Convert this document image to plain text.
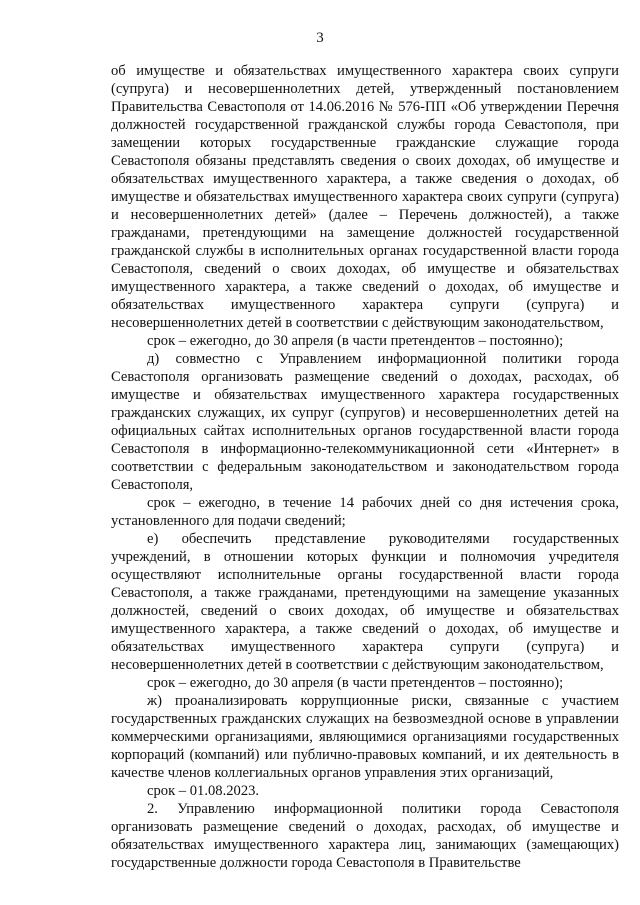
3

об имуществе и обязательствах имущественного характера своих супруги (супруга) и несовершеннолетних детей, утвержденный постановлением Правительства Севастополя от 14.06.2016 № 576-ПП «Об утверждении Перечня должностей государственной гражданской службы города Севастополя, при замещении которых государственные гражданские служащие города Севастополя обязаны представлять сведения о своих доходах, об имуществе и обязательствах имущественного характера, а также сведения о доходах, об имуществе и обязательствах имущественного характера своих супруги (супруга) и несовершеннолетних детей» (далее – Перечень должностей), а также гражданами, претендующими на замещение должностей государственной гражданской службы в исполнительных органах государственной власти города Севастополя, сведений о своих доходах, об имуществе и обязательствах имущественного характера, а также сведений о доходах, об имуществе и обязательствах имущественного характера супруги (супруга) и несовершеннолетних детей в соответствии с действующим законодательством,

срок – ежегодно, до 30 апреля (в части претендентов – постоянно);

д) совместно с Управлением информационной политики города Севастополя организовать размещение сведений о доходах, расходах, об имуществе и обязательствах имущественного характера государственных гражданских служащих, их супруг (супругов) и несовершеннолетних детей на официальных сайтах исполнительных органов государственной власти города Севастополя в информационно-телекоммуникационной сети «Интернет» в соответствии с федеральным законодательством и законодательством города Севастополя,

срок – ежегодно, в течение 14 рабочих дней со дня истечения срока, установленного для подачи сведений;

е) обеспечить представление руководителями государственных учреждений, в отношении которых функции и полномочия учредителя осуществляют исполнительные органы государственной власти города Севастополя, а также гражданами, претендующими на замещение указанных должностей, сведений о своих доходах, об имуществе и обязательствах имущественного характера, а также сведений о доходах, об имуществе и обязательствах имущественного характера супруги (супруга) и несовершеннолетних детей в соответствии с действующим законодательством,

срок – ежегодно, до 30 апреля (в части претендентов – постоянно);

ж) проанализировать коррупционные риски, связанные с участием государственных гражданских служащих на безвозмездной основе в управлении коммерческими организациями, являющимися организациями государственных корпораций (компаний) или публично-правовых компаний, и их деятельность в качестве членов коллегиальных органов управления этих организаций,

срок – 01.08.2023.

2. Управлению информационной политики города Севастополя организовать размещение сведений о доходах, расходах, об имуществе и обязательствах имущественного характера лиц, занимающих (замещающих) государственные должности города Севастополя в Правительстве
